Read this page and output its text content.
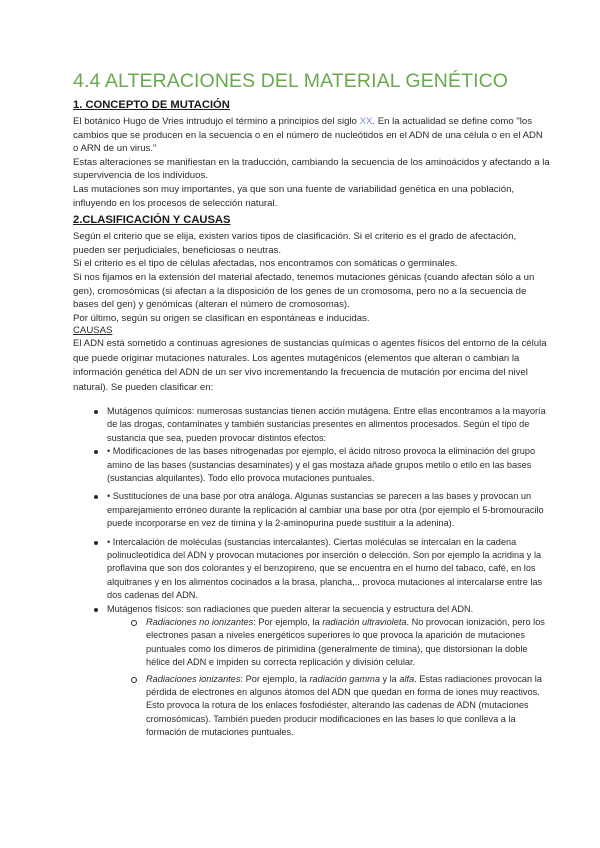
4.4 ALTERACIONES DEL MATERIAL GENÉTICO
1. CONCEPTO DE MUTACIÓN

El botánico Hugo de Vries intrudujo el término a principios del siglo XX. En la actualidad se define como "los cambios que se producen en la secuencia o en el número de nucleótidos en el ADN de una célula o en el ADN o ARN de un virus."

Estas alteraciones se manifiestan en la traducción, cambiando la secuencia de los aminoácidos y afectando a la supervivencia de los individuos.

Las mutaciones son muy importantes, ya que son una fuente de variabilidad genética en una población, influyendo en los procesos de selección natural.

2.CLASIFICACIÓN Y CAUSAS

Según el criterio que se elija, existen varios tipos de clasificación. Si el criterio es el grado de afectación, pueden ser perjudiciales, beneficiosas o neutras.

Si el criterio es el tipo de células afectadas, nos encontramos con somáticas o germinales.

Si nos fijamos en la extensión del material afectado, tenemos mutaciones génicas (cuando afectan sólo a un gen), cromosómicas (si afectan a la disposición de los genes de un cromosoma, pero no a la secuencia de bases del gen) y genómicas (alteran el número de cromosomas).

Por último, según su origen se clasifican en espontáneas e inducidas.

CAUSAS

El ADN está sometido a continuas agresiones de sustancias químicas o agentes físicos del entorno de la célula que puede originar mutaciones naturales. Los agentes mutagénicos (elementos que alteran o cambian la información genética del ADN de un ser vivo incrementando la frecuencia de mutación por encima del nivel natural). Se pueden clasificar en:

Mutágenos químicos: numerosas sustancias tienen acción mutágena. Entre ellas encontramos a la mayoría de las drogas, contaminates y también sustancias presentes en alimentos procesados. Según el tipo de sustancia que sea, pueden provocar distintos efectos:

• Modificaciones de las bases nitrogenadas por ejemplo, el ácido nitroso provoca la eliminación del grupo amino de las bases (sustancias desaminates) y el gas mostaza añade grupos metilo o etilo en las bases (sustancias alquilantes). Todo ello provoca mutaciones puntuales.

• Sustituciones de una base por otra análoga. Algunas sustancias se parecen a las bases y provocan un emparejamiento erróneo durante la replicación al cambiar una base por otra (por ejemplo el 5-bromouracilo puede incorporarse en vez de timina y la 2-aminopurina puede sustituir a la adenina).

• Intercalación de moléculas (sustancias intercalantes). Ciertas moléculas se intercalan en la cadena polinucleotídica del ADN y provocan mutaciones por inserción o delección. Son por ejemplo la acridina y la proflavina que son dos colorantes y el benzopireno, que se encuentra en el humo del tabaco, café, en los alquitranes y en los alimentos cocinados a la brasa, plancha,.. provoca mutaciones al intercalarse entre las dos cadenas del ADN.

Mutágenos físicos: son radiaciones que pueden alterar la secuencia y estructura del ADN.

Radiaciones no ionizantes: Por ejemplo, la radiación ultravioleta. No provocan ionización, pero los electrones pasan a niveles energéticos superiores lo que provoca la aparición de mutaciones puntuales como los dímeros de pirimidina (generalmente de timina), que distorsionan la doble hélice del ADN e impiden su correcta replicación y división celular.

Radiaciones ionizantes: Por ejemplo, la radiación gamma y la alfa. Estas radiaciones provocan la pérdida de electrones en algunos átomos del ADN que quedan en forma de iones muy reactivos. Esto provoca la rotura de los enlaces fosfodiéster, alterando las cadenas de ADN (mutaciones cromosómicas). También pueden producir modificaciones en las bases lo que conlleva a la formación de mutaciones puntuales.
